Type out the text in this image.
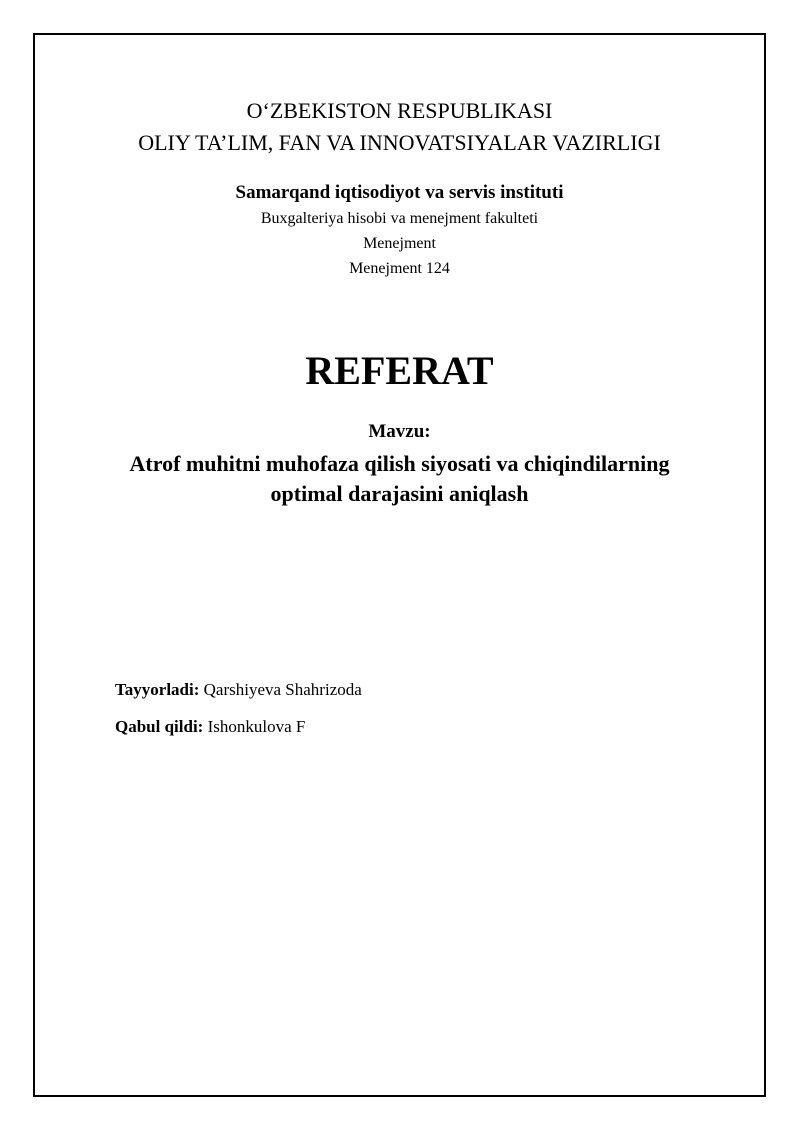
O‘ZBEKISTON RESPUBLIKASI
OLIY TA’LIM, FAN VA INNOVATSIYALAR VAZIRLIGI
Samarqand iqtisodiyot va servis instituti
Buxgalteriya hisobi va menejment fakulteti
Menejment
Menejment 124
REFERAT
Mavzu:
Atrof muhitni muhofaza qilish siyosati va chiqindilarning
optimal darajasini aniqlash
Tayyorladi: Qarshiyeva Shahrizoda
Qabul qildi: Ishonkulova F
